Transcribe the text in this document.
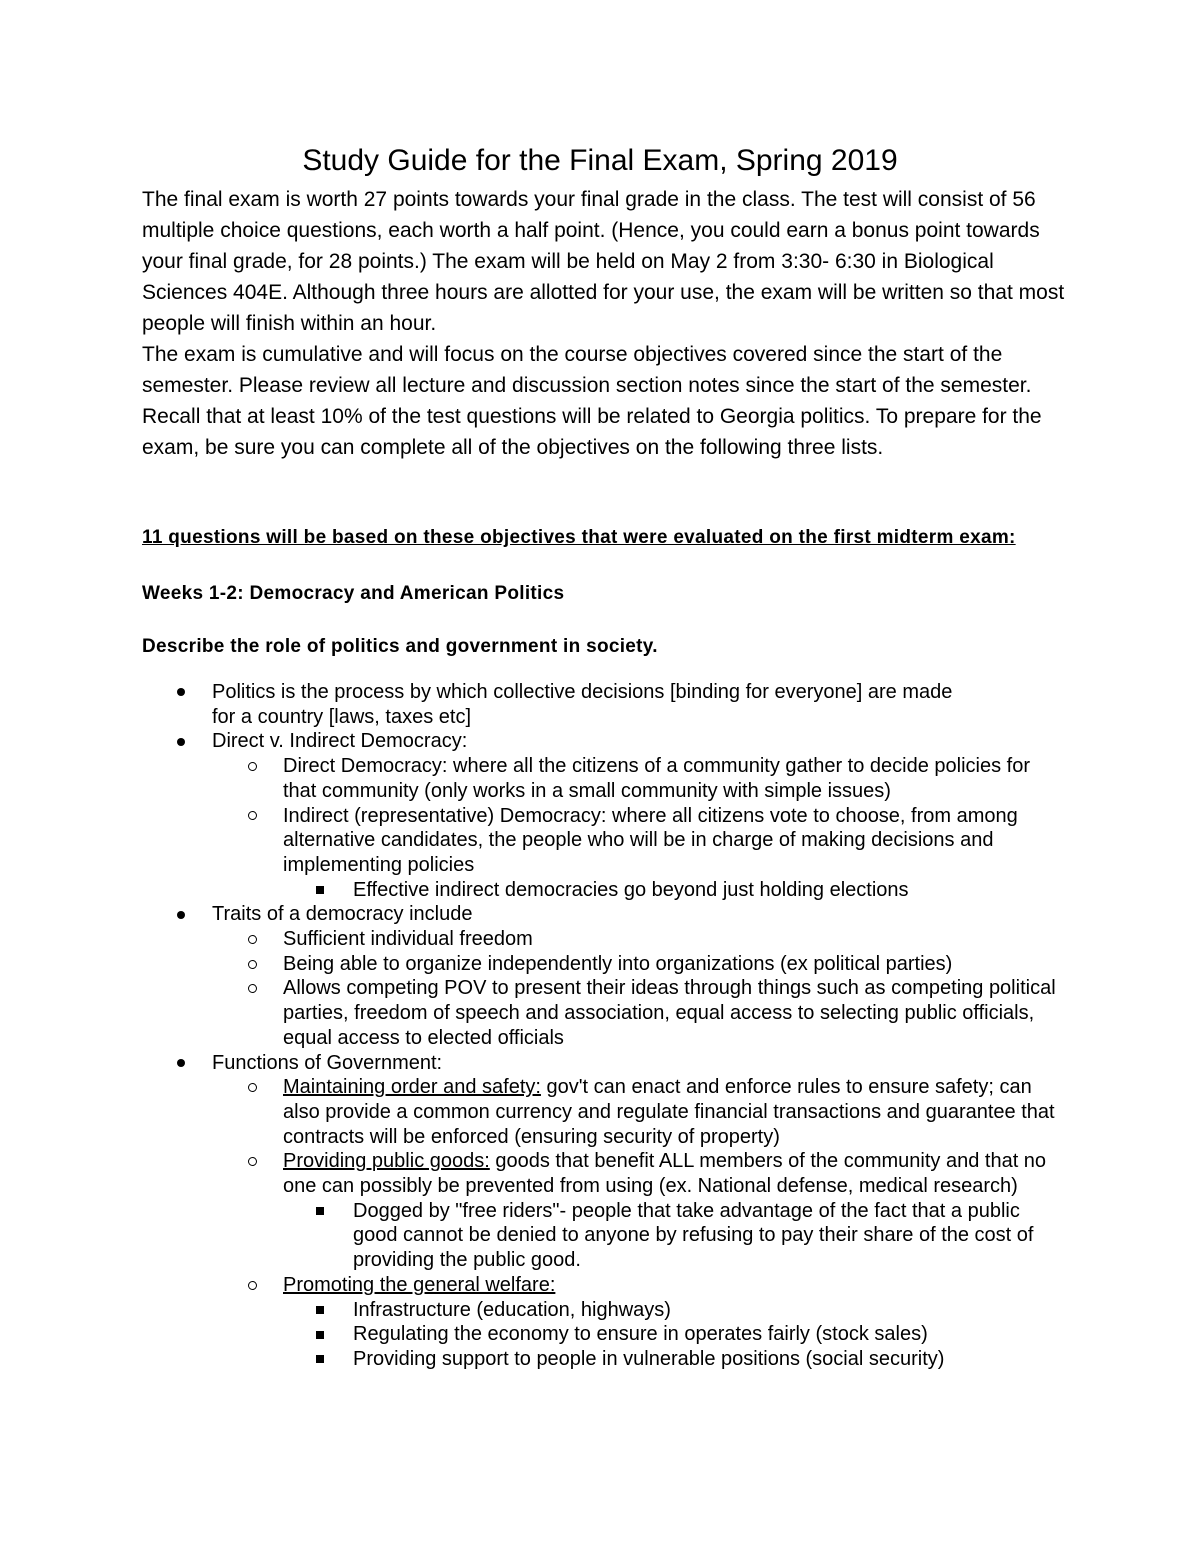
Study Guide for the Final Exam, Spring 2019

The final exam is worth 27 points towards your final grade in the class. The test will consist of 56 multiple choice questions, each worth a half point. (Hence, you could earn a bonus point towards your final grade, for 28 points.) The exam will be held on May 2 from 3:30- 6:30 in Biological Sciences 404E. Although three hours are allotted for your use, the exam will be written so that most people will finish within an hour.

The exam is cumulative and will focus on the course objectives covered since the start of the semester. Please review all lecture and discussion section notes since the start of the semester. Recall that at least 10% of the test questions will be related to Georgia politics. To prepare for the exam, be sure you can complete all of the objectives on the following three lists.

11 questions will be based on these objectives that were evaluated on the first midterm exam:

Weeks 1-2: Democracy and American Politics

Describe the role of politics and government in society.

Politics is the process by which collective decisions [binding for everyone] are made for a country [laws, taxes etc]
Direct v. Indirect Democracy:
Direct Democracy: where all the citizens of a community gather to decide policies for that community (only works in a small community with simple issues)
Indirect (representative) Democracy: where all citizens vote to choose, from among alternative candidates, the people who will be in charge of making decisions and implementing policies
Effective indirect democracies go beyond just holding elections
Traits of a democracy include
Sufficient individual freedom
Being able to organize independently into organizations (ex political parties)
Allows competing POV to present their ideas through things such as competing political parties, freedom of speech and association, equal access to selecting public officials, equal access to elected officials
Functions of Government:
Maintaining order and safety: gov't can enact and enforce rules to ensure safety; can also provide a common currency and regulate financial transactions and guarantee that contracts will be enforced (ensuring security of property)
Providing public goods: goods that benefit ALL members of the community and that no one can possibly be prevented from using (ex. National defense, medical research)
Dogged by "free riders"- people that take advantage of the fact that a public good cannot be denied to anyone by refusing to pay their share of the cost of providing the public good.
Promoting the general welfare:
Infrastructure (education, highways)
Regulating the economy to ensure in operates fairly (stock sales)
Providing support to people in vulnerable positions (social security)
